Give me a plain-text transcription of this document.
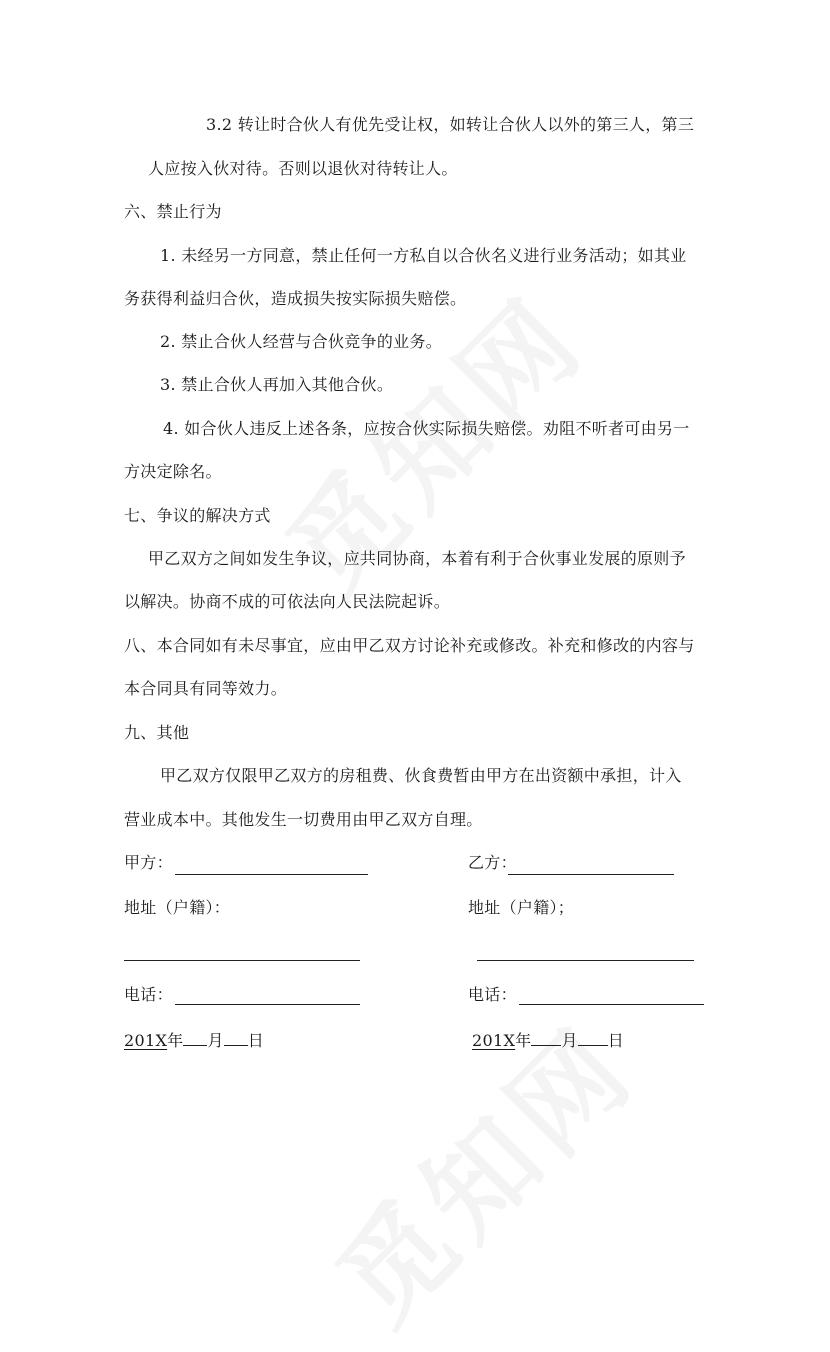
3.2 转让时合伙人有优先受让权，如转让合伙人以外的第三人，第三
人应按入伙对待。否则以退伙对待转让人。
六、禁止行为
1. 未经另一方同意，禁止任何一方私自以合伙名义进行业务活动；如其业
务获得利益归合伙，造成损失按实际损失赔偿。
2. 禁止合伙人经营与合伙竞争的业务。
3. 禁止合伙人再加入其他合伙。
4. 如合伙人违反上述各条，应按合伙实际损失赔偿。劝阻不听者可由另一
方决定除名。
七、争议的解决方式
甲乙双方之间如发生争议，应共同协商，本着有利于合伙事业发展的原则予
以解决。协商不成的可依法向人民法院起诉。
八、本合同如有未尽事宜，应由甲乙双方讨论补充或修改。补充和修改的内容与
本合同具有同等效力。
九、其他
甲乙双方仅限甲乙双方的房租费、伙食费暂由甲方在出资额中承担，计入
营业成本中。其他发生一切费用由甲乙双方自理。
甲方：
地址（户籍）：
电话：
201X年 月 日
乙方：
地址（户籍）；
电话：
201X年 月 日
